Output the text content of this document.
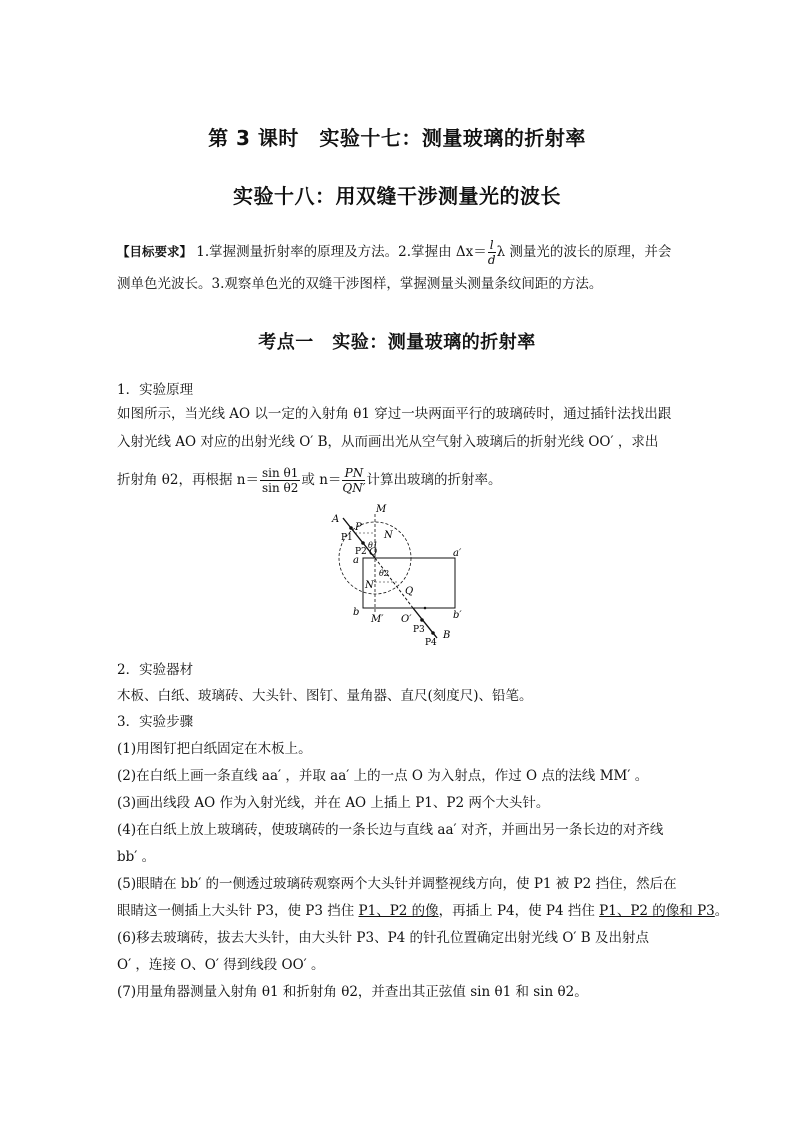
第 3 课时　实验十七：测量玻璃的折射率
实验十八：用双缝干涉测量光的波长
【目标要求】 1.掌握测量折射率的原理及方法。2.掌握由 $\Delta x= \frac{l}{d}$ λ 测量光的波长的原理，并会
测单色光波长。3.观察单色光的双缝干涉图样，掌握测量头测量条纹间距的方法。
考点一　实验：测量玻璃的折射率
1．实验原理
如图所示，当光线 AO 以一定的入射角 θ1 穿过一块两面平行的玻璃砖时，通过插针法找出跟
入射光线 AO 对应的出射光线 O′ B，从而画出光从空气射入玻璃后的折射光线 OO′ ，求出
折射角 θ2，再根据 $n= \frac{\text{sin θ1}}{\text{sin θ2}}$ 或 $n= \frac{PN}{QN'}$ 计算出玻璃的折射率。
A
P
M
P1	N
θ1
P2 O
a
a′
θ2
N′
Q
b	b′
M′ O′
P3 B
P4
2．实验器材
木板、白纸、玻璃砖、大头针、图钉、量角器、直尺(刻度尺)、铅笔。
3．实验步骤
(1)用图钉把白纸固定在木板上。
(2)在白纸上画一条直线 aa′ ，并取 aa′ 上的一点 O 为入射点，作过 O 点的法线 MM′ 。
(3)画出线段 AO 作为入射光线，并在 AO 上插上 P1、P2 两个大头针。
(4)在白纸上放上玻璃砖，使玻璃砖的一条长边与直线 aa′ 对齐，并画出另一条长边的对齐线
bb′ 。
(5)眼睛在 bb′ 的一侧透过玻璃砖观察两个大头针并调整视线方向，使 P1 被 P2 挡住，然后在
眼睛这一侧插上大头针 P3，使 P3 挡住 P1、P2 的像，再插上 P4，使 P4 挡住 P1、P2 的像和 P3。
(6)移去玻璃砖，拔去大头针，由大头针 P3、P4 的针孔位置确定出射光线 O′ B 及出射点
O′ ，连接 O、O′ 得到线段 OO′ 。
(7)用量角器测量入射角 θ1 和折射角 θ2，并查出其正弦值 sin θ1 和 sin θ2。
